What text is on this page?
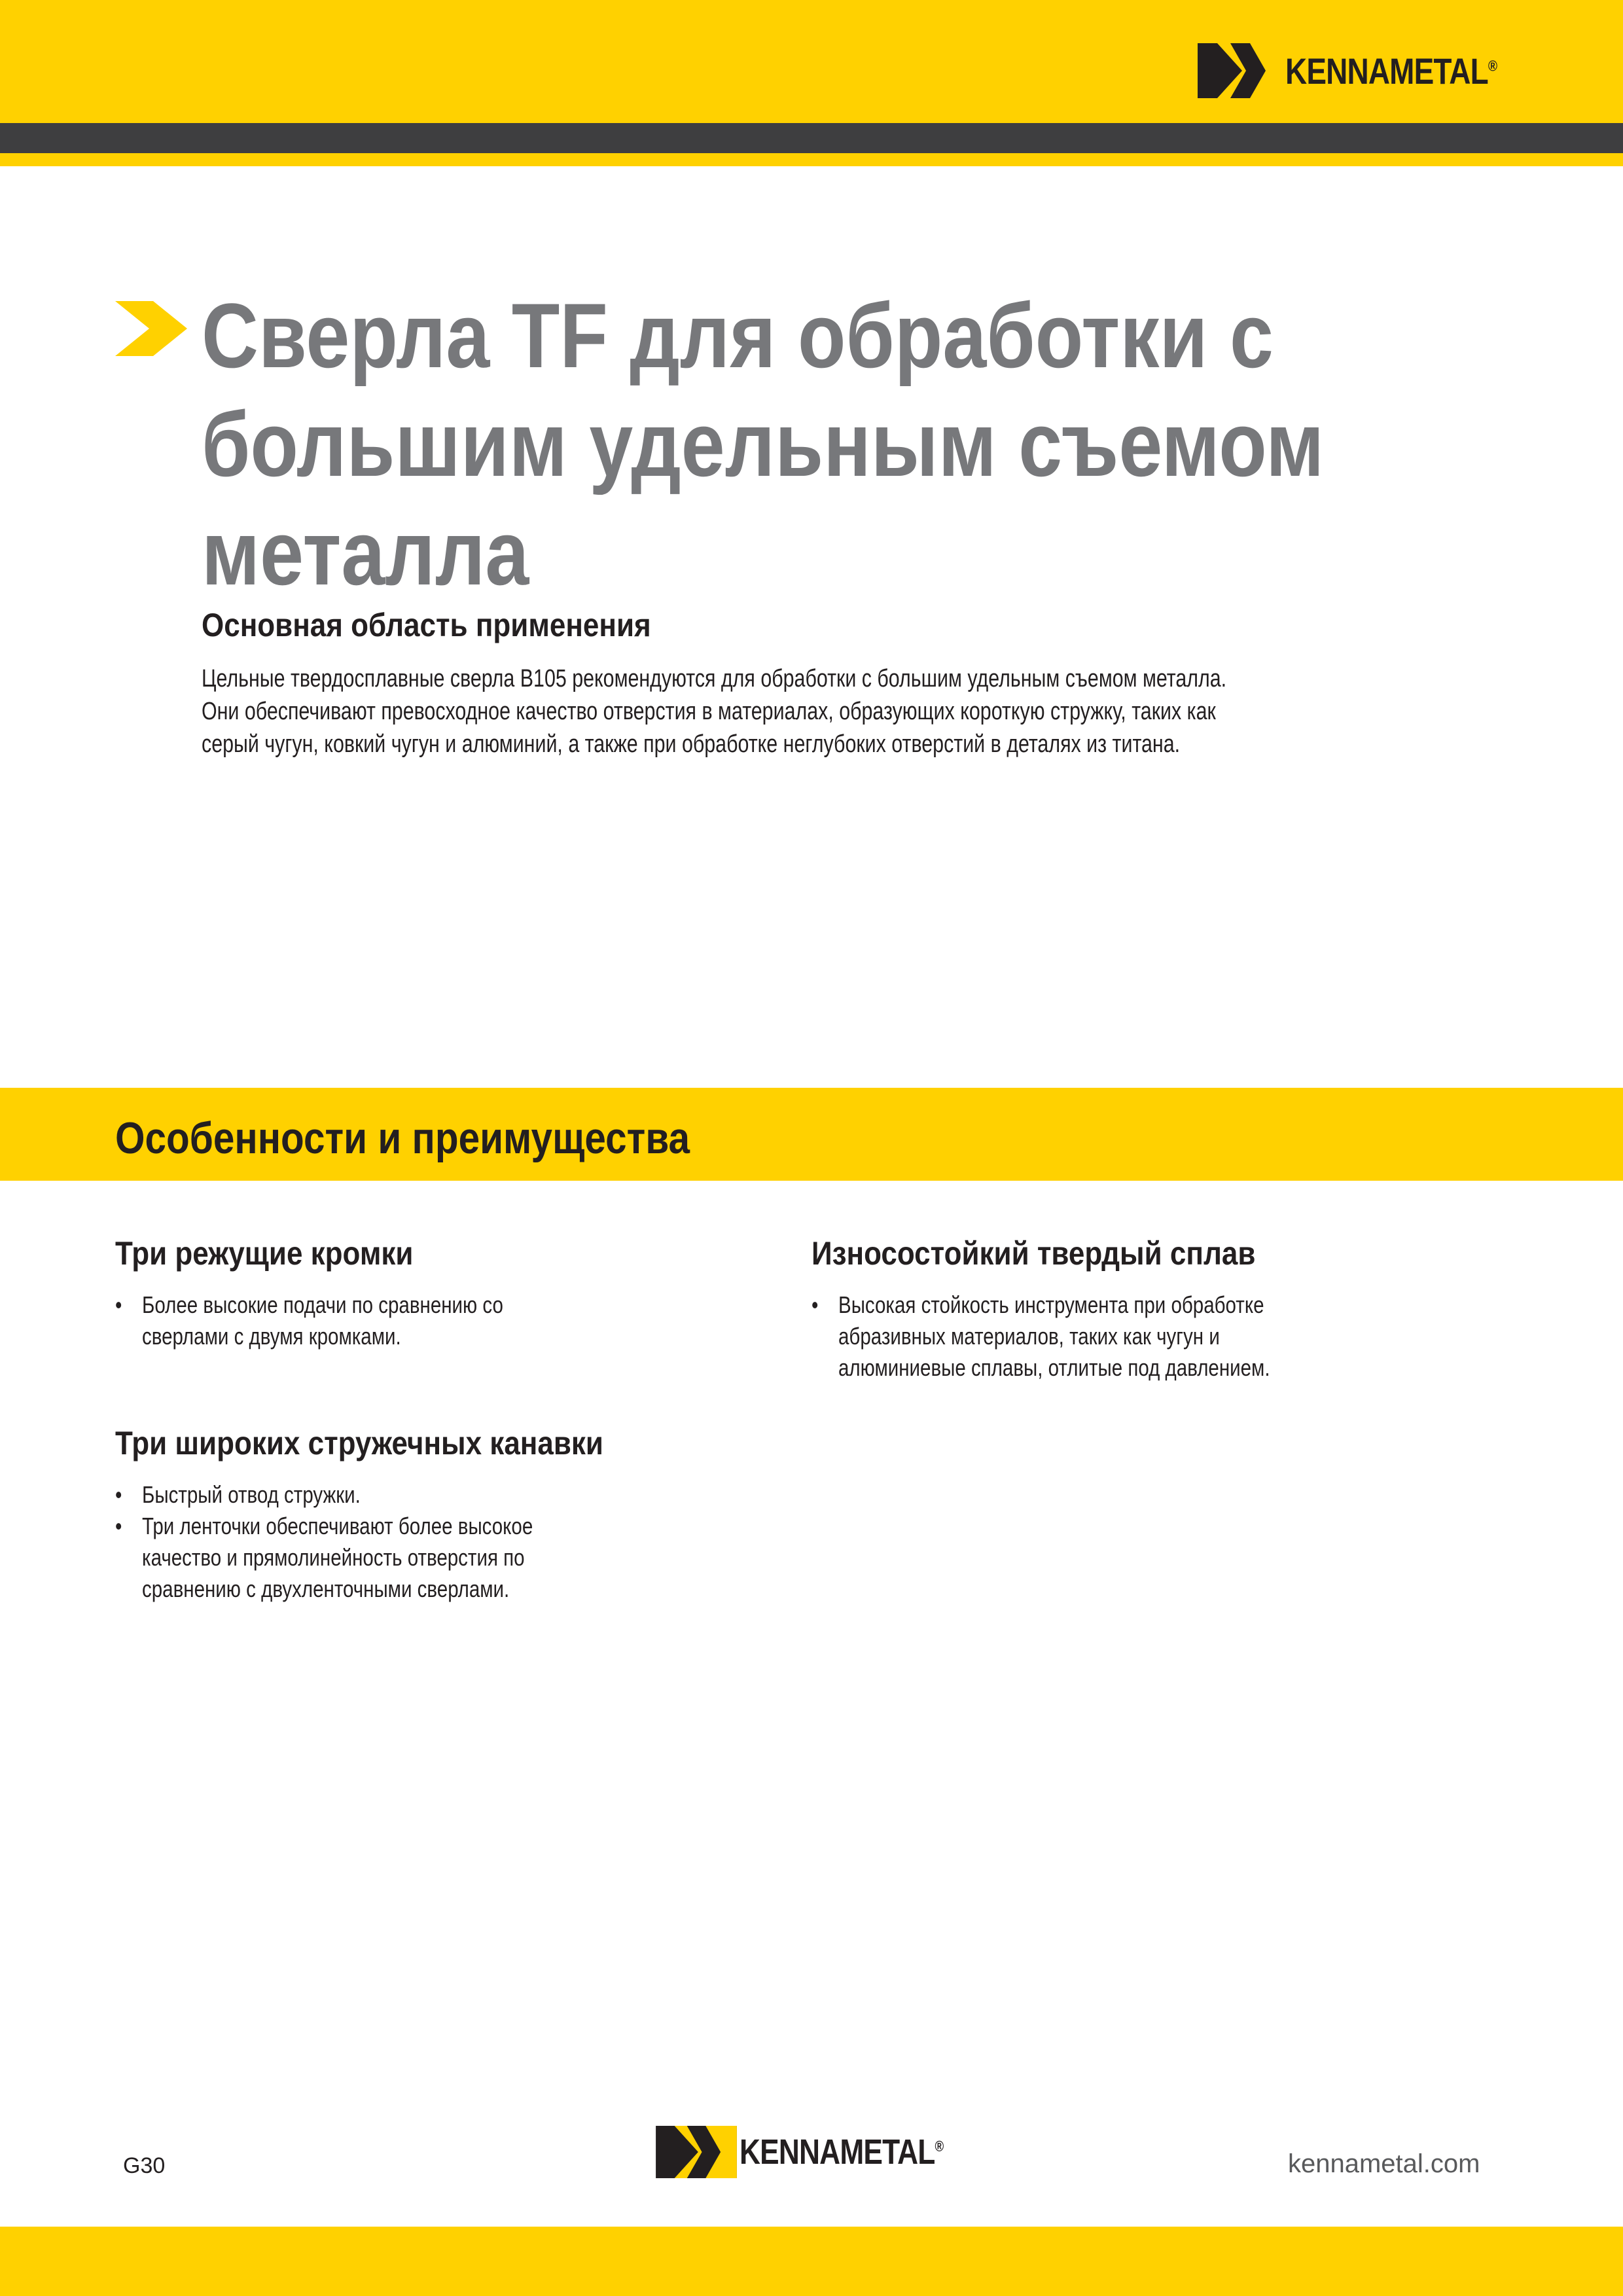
KENNAMETAL®
Сверла TF для обработки с
большим удельным съемом
металла
Основная область применения

Цельные твердосплавные сверла B105 рекомендуются для обработки с большим удельным съемом металла.
Они обеспечивают превосходное качество отверстия в материалах, образующих короткую стружку, таких как
серый чугун, ковкий чугун и алюминий, а также при обработке неглубоких отверстий в деталях из титана.

Особенности и преимущества
Три режущие кромки
• Более высокие подачи по сравнению со
сверлами с двумя кромками.
Износостойкий твердый сплав
• Высокая стойкость инструмента при обработке
абразивных материалов, таких как чугун и
алюминиевые сплавы, отлитые под давлением.
Три широких стружечных канавки
• Быстрый отвод стружки.
• Три ленточки обеспечивают более высокое
качество и прямолинейность отверстия по
сравнению с двухленточными сверлами.
G30	KENNAMETAL®
kennametal.com
